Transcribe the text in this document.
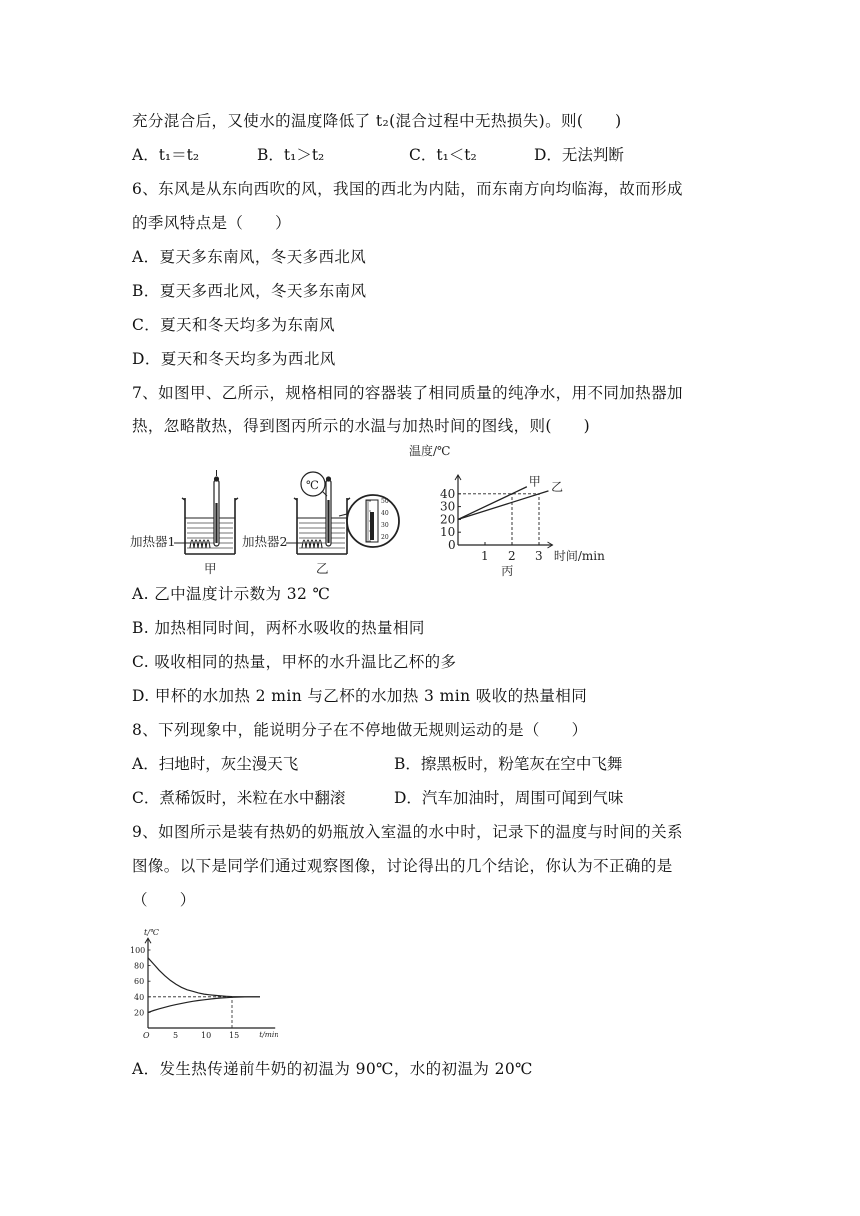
充分混合后，又使水的温度降低了 t₂(混合过程中无热损失)。则(　　)
A．t₁＝t₂	B．t₁＞t₂	C．t₁＜t₂	D．无法判断
6、东风是从东向西吹的风，我国的西北为内陆，而东南方向均临海，故而形成
的季风特点是（　　）
A．夏天多东南风，冬天多西北风
B．夏天多西北风，冬天多东南风
C．夏天和冬天均多为东南风
D．夏天和冬天均多为西北风
7、如图甲、乙所示，规格相同的容器装了相同质量的纯净水，用不同加热器加
热，忽略散热，得到图丙所示的水温与加热时间的图线，则(　　)
加热器1
甲
℃
加热器2
乙
50
40
30
20	10
20
30
40
0
1 2 3
甲 乙
温度/℃
时间/min
丙
A. 乙中温度计示数为 32 ℃
B. 加热相同时间，两杯水吸收的热量相同
C. 吸收相同的热量，甲杯的水升温比乙杯的多
D. 甲杯的水加热 2 min 与乙杯的水加热 3 min 吸收的热量相同
8、下列现象中，能说明分子在不停地做无规则运动的是（　　）
A．扫地时，灰尘漫天飞	B．擦黑板时，粉笔灰在空中飞舞
C．煮稀饭时，米粒在水中翻滚	D．汽车加油时，周围可闻到气味
9、如图所示是装有热奶的奶瓶放入室温的水中时，记录下的温度与时间的关系
图像。以下是同学们通过观察图像，讨论得出的几个结论，你认为不正确的是
（　　）
20
40
60
80
100
O	5	10 15
t/℃
t/min
A．发生热传递前牛奶的初温为 90℃，水的初温为 20℃
